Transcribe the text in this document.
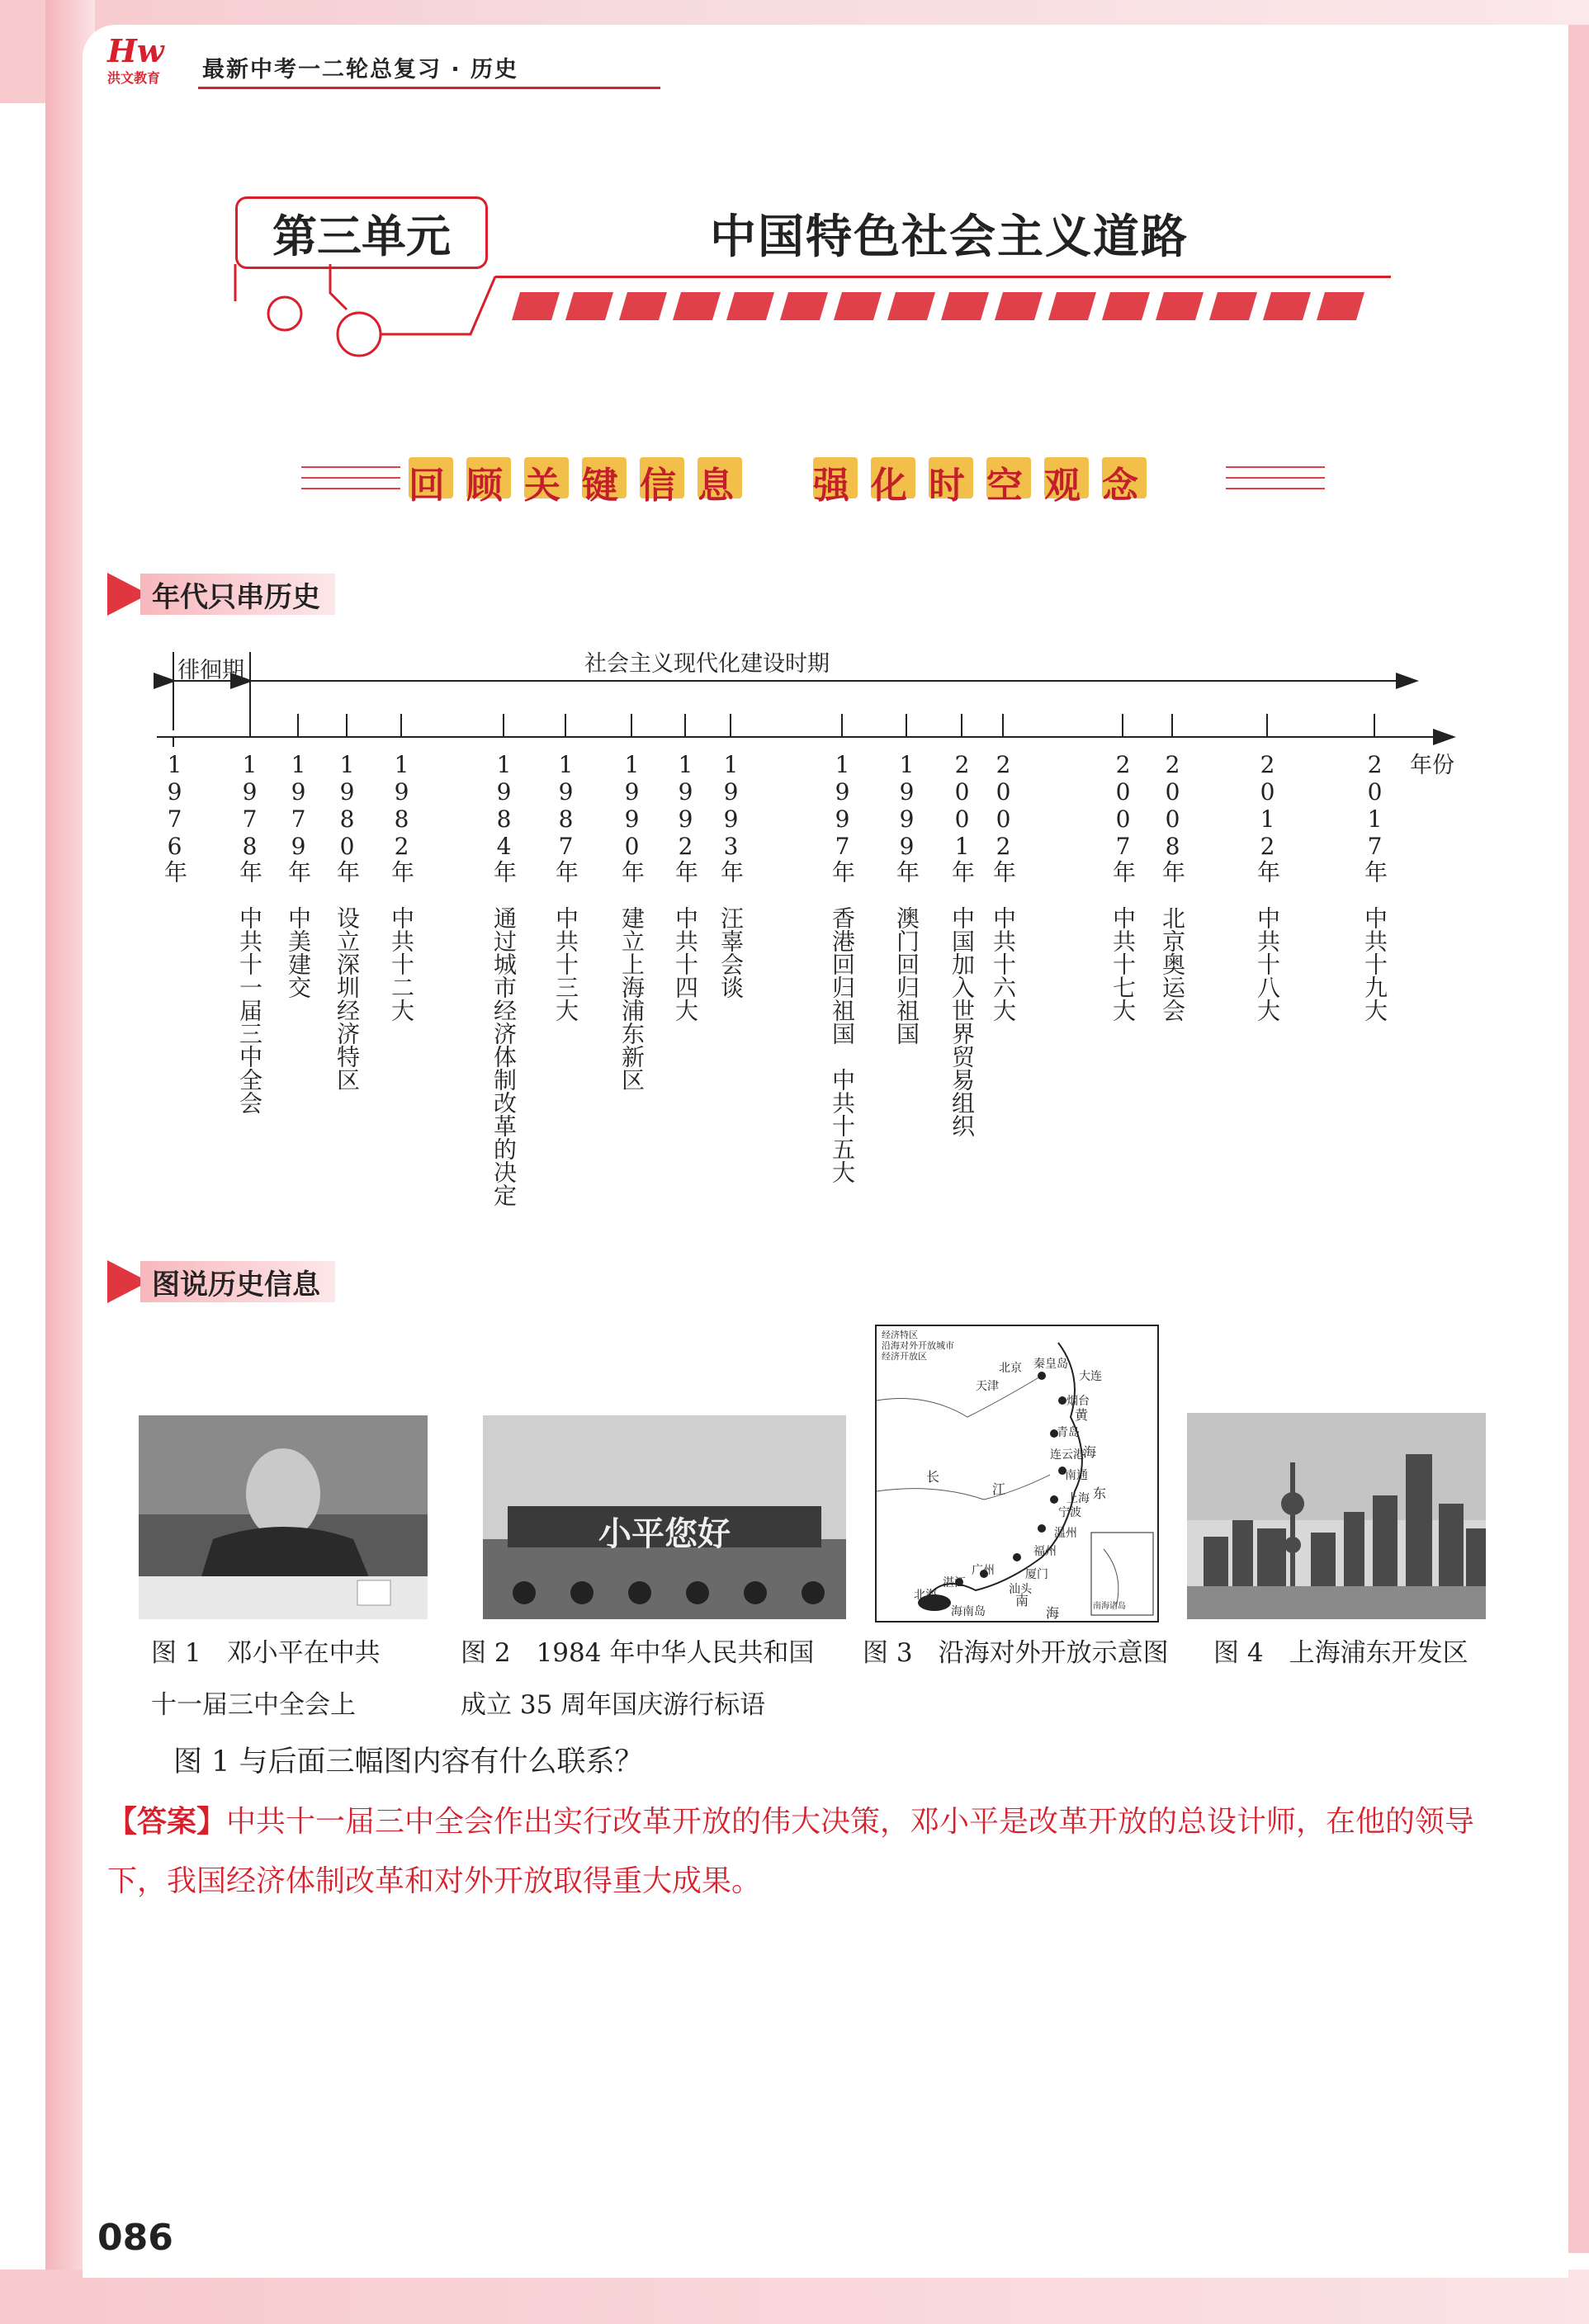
Hw
洪文教育	最新中考一二轮总复习 · 历史
第三单元	中国特色社会主义道路
回 顾 关 键 信 息 强 化 时 空 观 念
年代只串历史
徘徊期	社会主义现代化建设时期
年份
1976年 1978年　中共十一届三中全会
1979年　中美建交
1980年　设立深圳经济特区
1982年　中共十二大
1984年　通过城市经济体制改革的决定
1987年　中共十三大
1990年　建立上海浦东新区
1992年　中共十四大
1993年　汪辜会谈
1997年　香港回归祖国　中共十五大
1999年　澳门回归祖国
2001年　中国加入世界贸易组织
2002年　中共十六大
2007年　中共十七大
2008年　北京奥运会
2012年　中共十八大
2017年　中共十九大
图说历史信息
图 1　邓小平在中共
十一届三中全会上
小平您好
图 2　1984 年中华人民共和国
成立 35 周年国庆游行标语
经济特区
沿海对外开放城市
经济开放区
北京
天津
大连
秦皇岛
烟台
青岛
连云港
南通
上海
宁波
温州
福州
厦门
汕头
广州
湛江
北海
海南岛
黄
海
东
长
江
南
海	南海诸岛
图 3　沿海对外开放示意图 图 4　上海浦东开发区
图 1 与后面三幅图内容有什么联系？
【答案】中共十一届三中全会作出实行改革开放的伟大决策，邓小平是改革开放的总设计师，在他的领导下，我国经济体制改革和对外开放取得重大成果。
086
